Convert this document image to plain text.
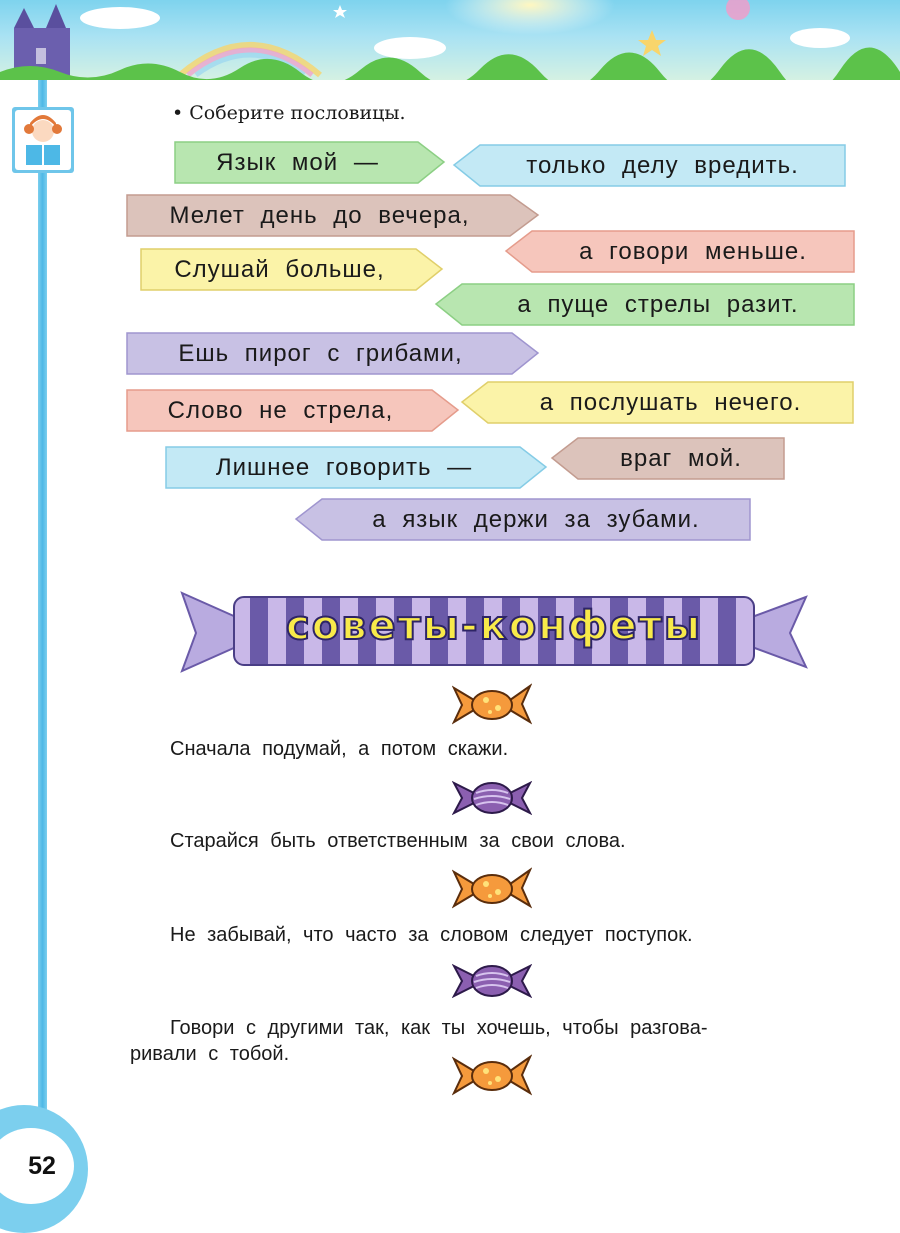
• Соберите пословицы.
Язык мой —	только делу вредить.
Мелет день до вечера,
а говори меньше.
Слушай больше,
а пуще стрелы разит.
Ешь пирог с грибами,
Слово не стрела,	а послушать нечего.
Лишнее говорить —	враг мой.
а язык держи за зубами.
советы-конфеты
Сначала подумай, а потом скажи.
Старайся быть ответственным за свои слова.
Не забывай, что часто за словом следует поступок.
Говори с другими так, как ты хочешь, чтобы разгова-
ривали с тобой.
52
